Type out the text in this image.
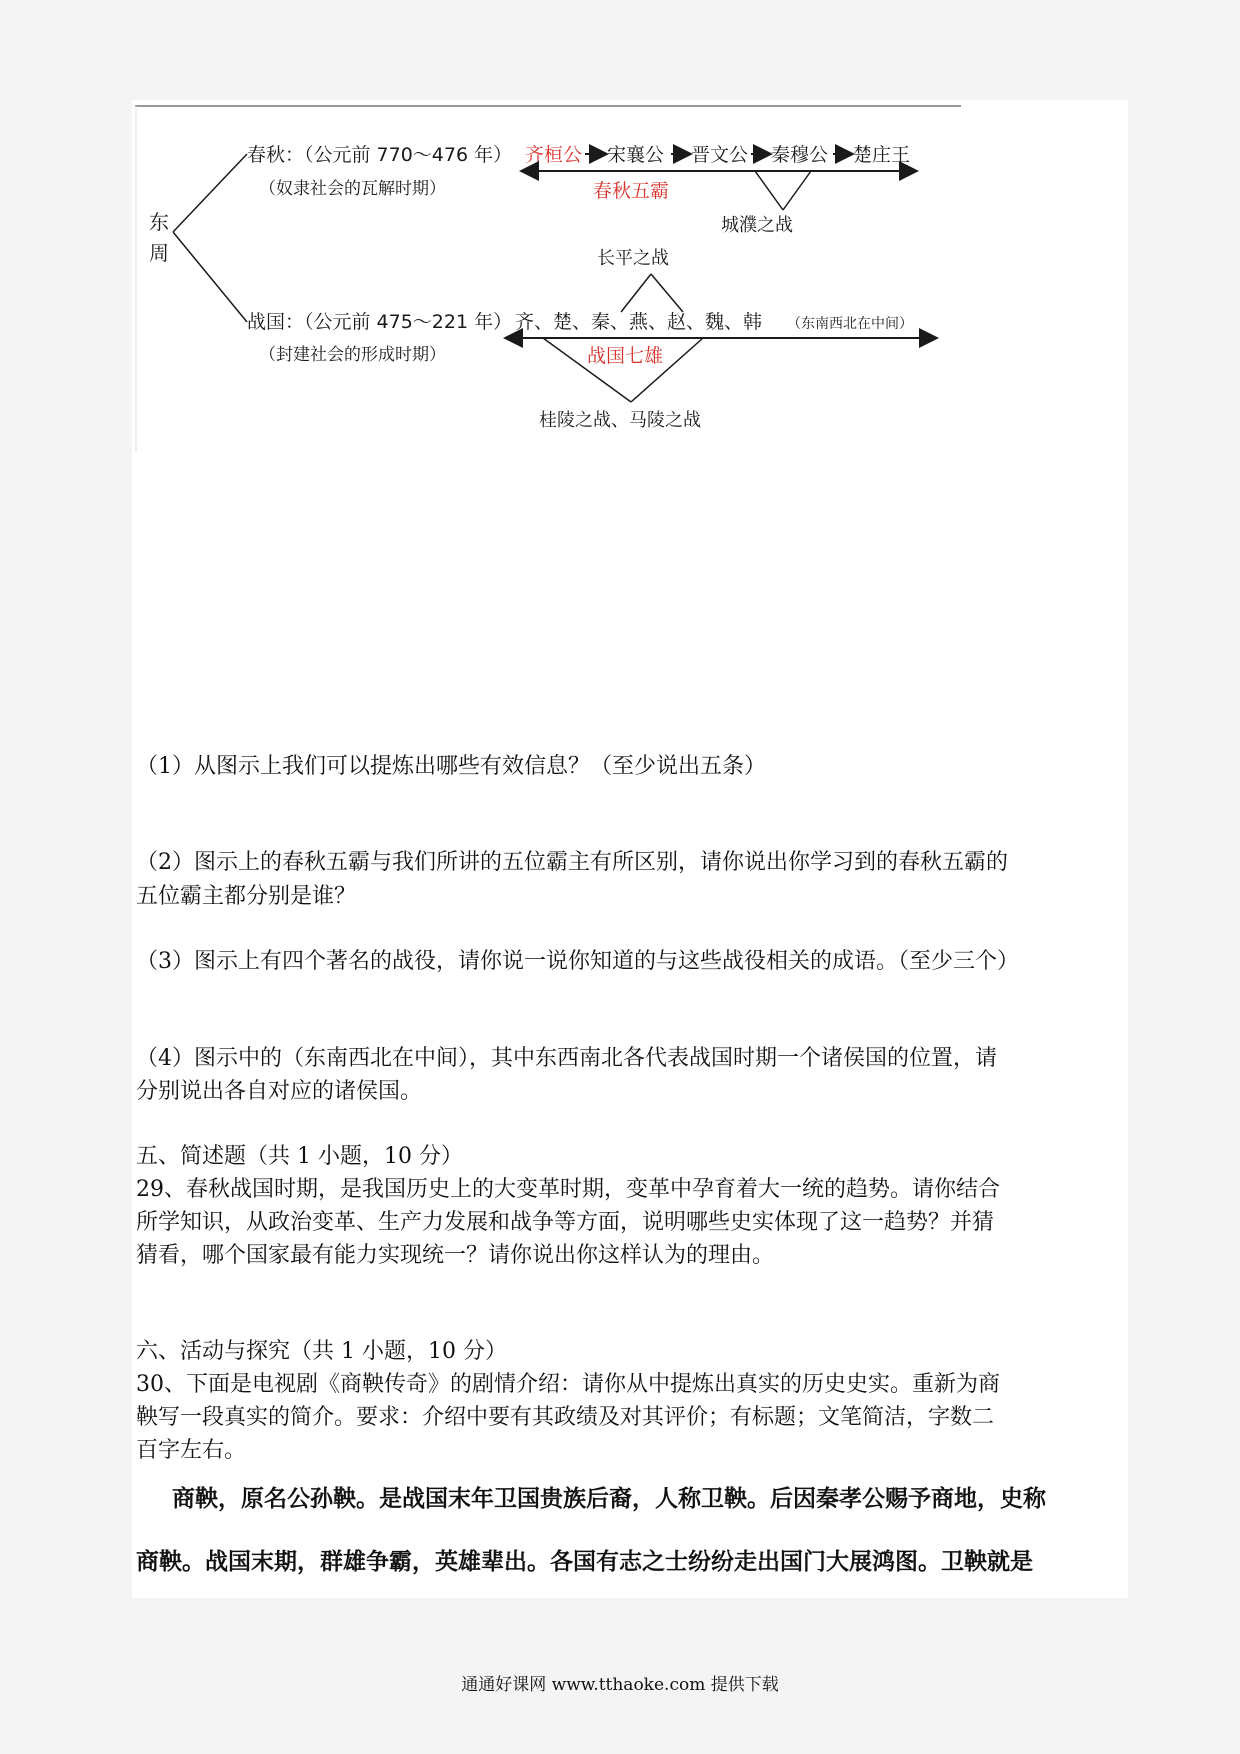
东
周
春秋：（公元前 770～476 年）
（奴隶社会的瓦解时期）
齐桓公 宋襄公 晋文公 秦穆公 楚庄王
春秋五霸
城濮之战
长平之战
战国：（公元前 475～221 年）
（封建社会的形成时期）
齐、楚、秦、燕、赵、魏、韩 （东南西北在中间）
战国七雄
桂陵之战、马陵之战
（1）从图示上我们可以提炼出哪些有效信息？（至少说出五条）
（2）图示上的春秋五霸与我们所讲的五位霸主有所区别，请你说出你学习到的春秋五霸的
五位霸主都分别是谁？
（3）图示上有四个著名的战役，请你说一说你知道的与这些战役相关的成语。（至少三个）
（4）图示中的（东南西北在中间），其中东西南北各代表战国时期一个诸侯国的位置，请
分别说出各自对应的诸侯国。
五、简述题（共 1 小题，10 分）
29、春秋战国时期，是我国历史上的大变革时期，变革中孕育着大一统的趋势。请你结合
所学知识，从政治变革、生产力发展和战争等方面，说明哪些史实体现了这一趋势？并猜
猜看，哪个国家最有能力实现统一？请你说出你这样认为的理由。
六、活动与探究（共 1 小题，10 分）
30、下面是电视剧《商鞅传奇》的剧情介绍：请你从中提炼出真实的历史史实。重新为商
鞅写一段真实的简介。要求：介绍中要有其政绩及对其评价；有标题；文笔简洁，字数二
百字左右。
商鞅，原名公孙鞅。是战国末年卫国贵族后裔，人称卫鞅。后因秦孝公赐予商地，史称
商鞅。战国末期，群雄争霸，英雄辈出。各国有志之士纷纷走出国门大展鸿图。卫鞅就是
通通好课网 www.tthaoke.com 提供下载
